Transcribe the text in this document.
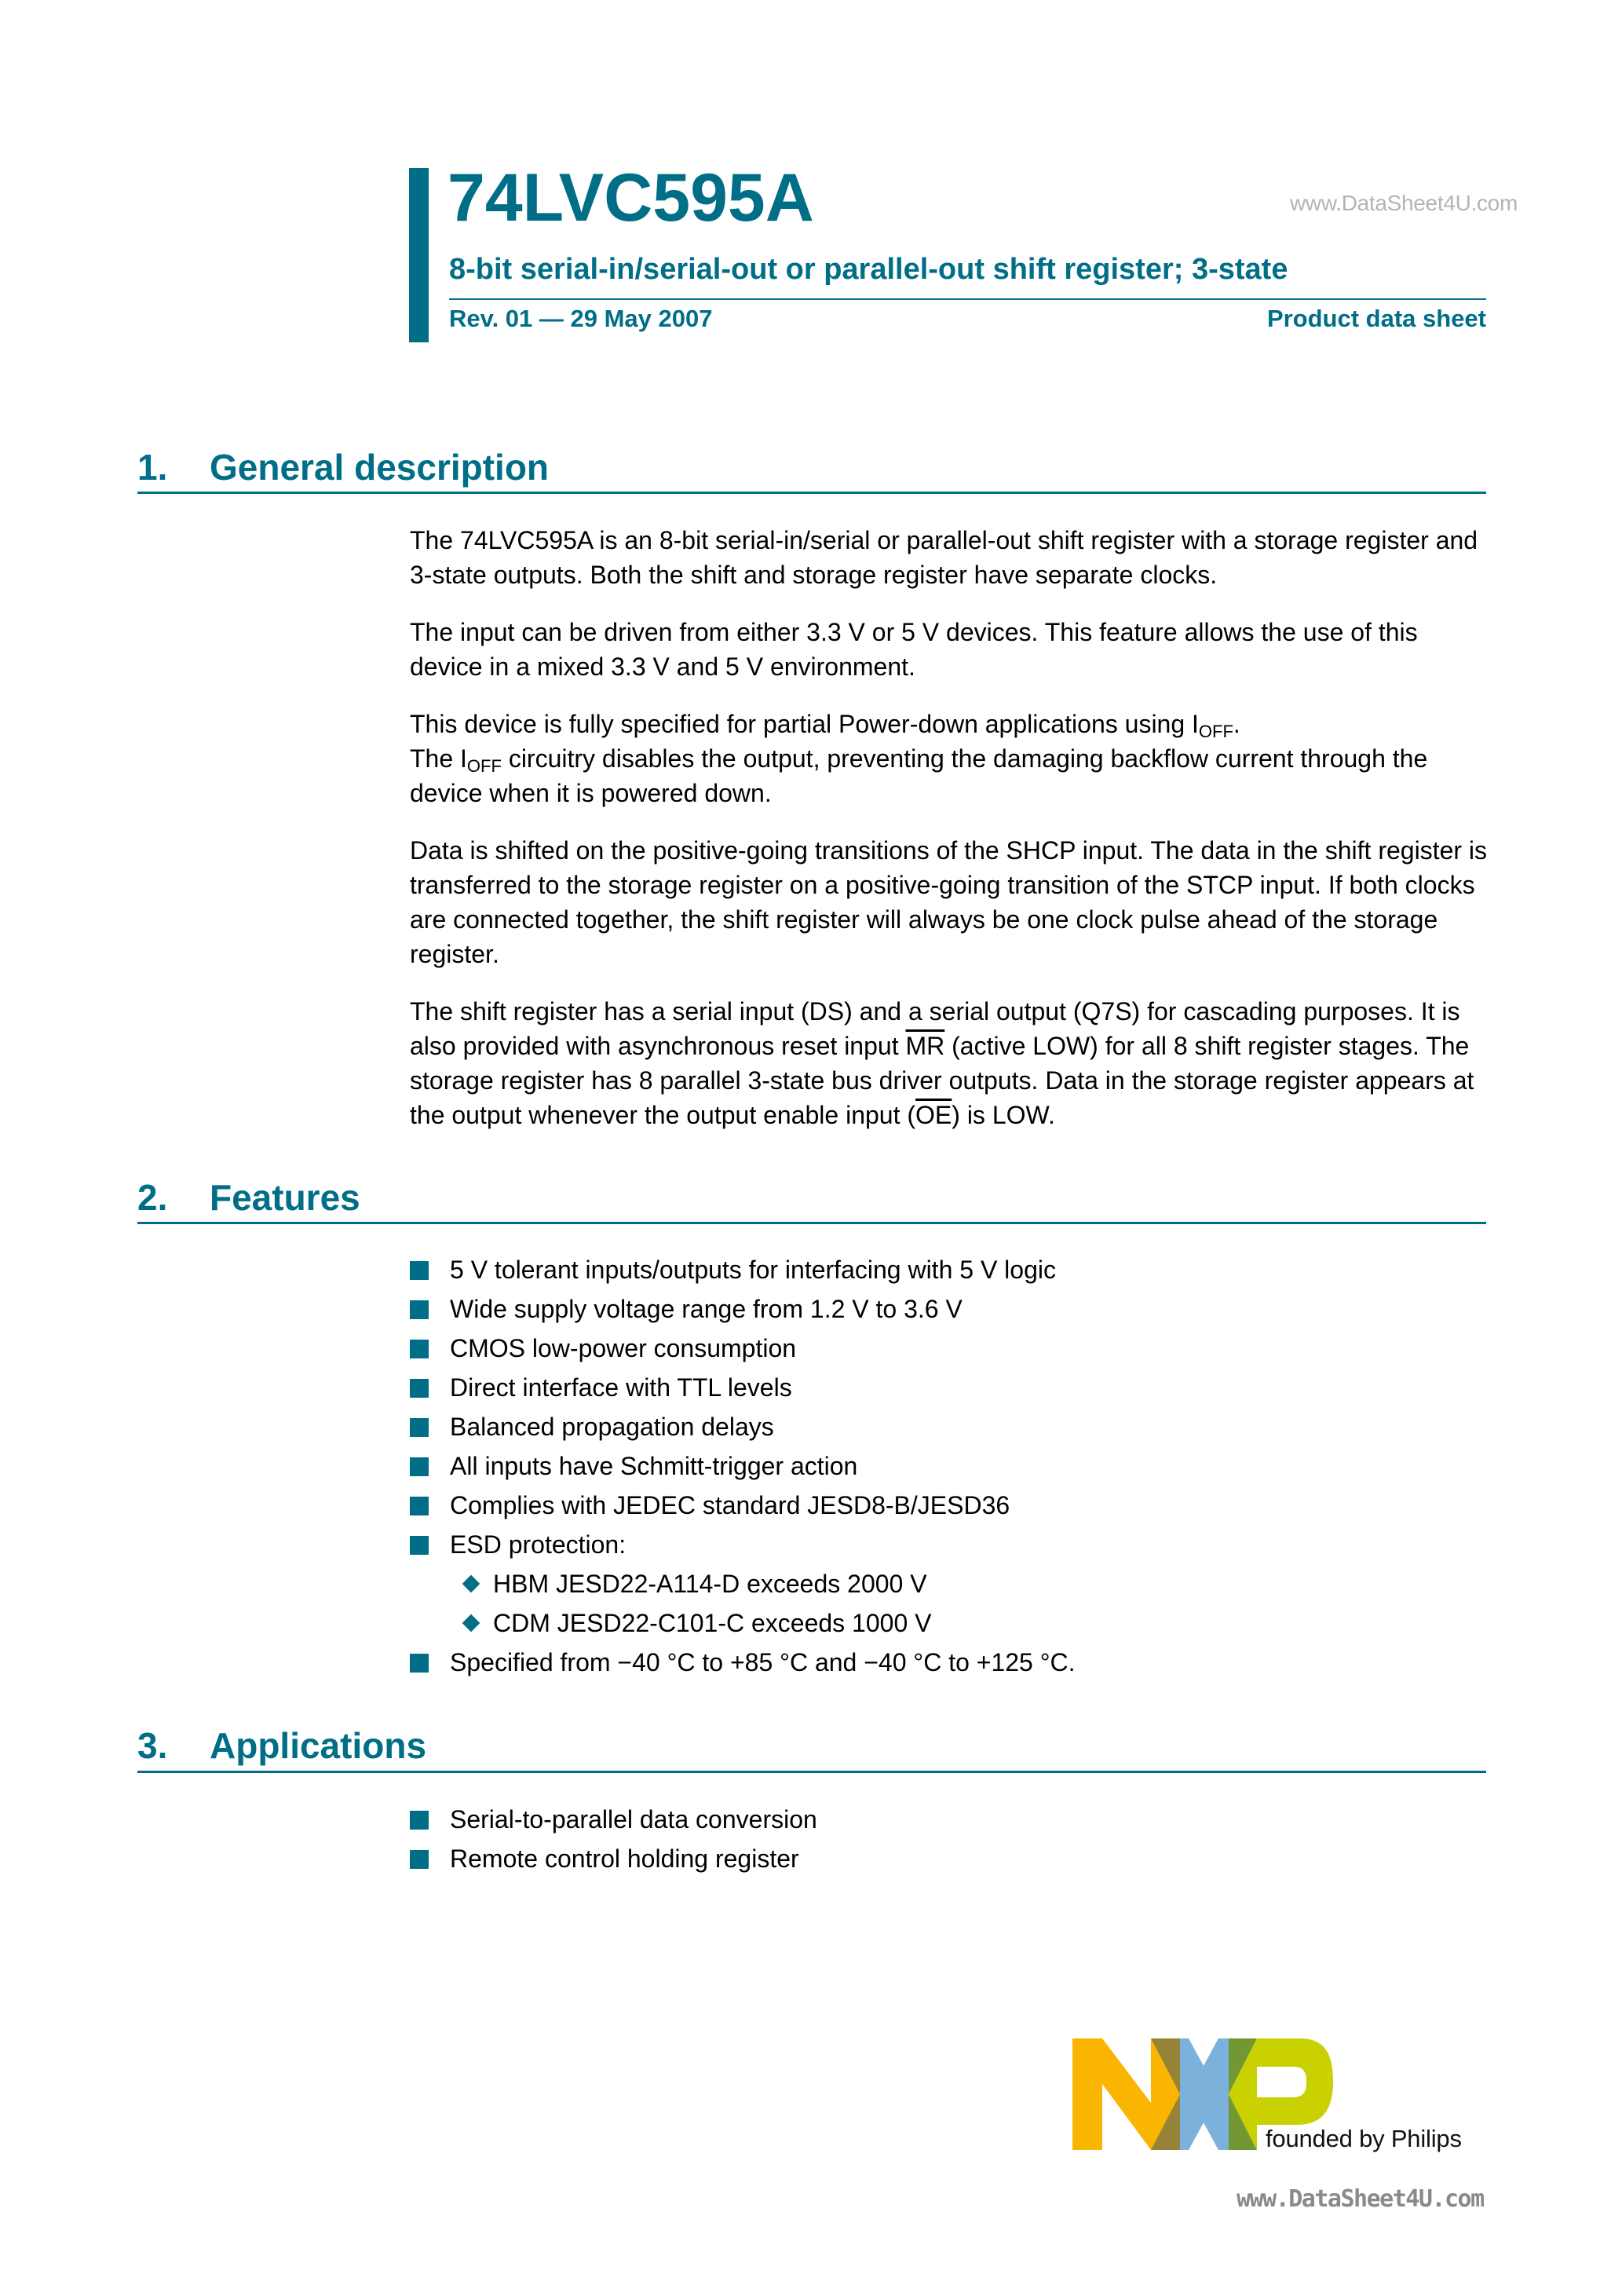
74LVC595A	www.DataSheet4U.com
8-bit serial-in/serial-out or parallel-out shift register; 3-state
Rev. 01 — 29 May 2007	Product data sheet
1. General description

The 74LVC595A is an 8-bit serial-in/serial or parallel-out shift register with a storage register and 3-state outputs. Both the shift and storage register have separate clocks.

The input can be driven from either 3.3 V or 5 V devices. This feature allows the use of this device in a mixed 3.3 V and 5 V environment.

This device is fully specified for partial Power-down applications using $I_{OFF}$.
The $I_{OFF}$ circuitry disables the output, preventing the damaging backflow current through the device when it is powered down.

Data is shifted on the positive-going transitions of the SHCP input. The data in the shift register is transferred to the storage register on a positive-going transition of the STCP input. If both clocks are connected together, the shift register will always be one clock pulse ahead of the storage register.

The shift register has a serial input (DS) and a serial output (Q7S) for cascading purposes. It is also provided with asynchronous reset input $\overline{MR}$ (active LOW) for all 8 shift register stages. The storage register has 8 parallel 3-state bus driver outputs. Data in the storage register appears at the output whenever the output enable input $(\overline{OE})$ is LOW.

2. Features
5 V tolerant inputs/outputs for interfacing with 5 V logic
Wide supply voltage range from 1.2 V to 3.6 V
CMOS low-power consumption
Direct interface with TTL levels
Balanced propagation delays
All inputs have Schmitt-trigger action
Complies with JEDEC standard JESD8-B/JESD36
ESD protection:
HBM JESD22-A114-D exceeds 2000 V
CDM JESD22-C101-C exceeds 1000 V
Specified from −40 °C to +85 °C and −40 °C to +125 °C.
3. Applications
Serial-to-parallel data conversion
Remote control holding register
founded by Philips
www.DataSheet4U.com
